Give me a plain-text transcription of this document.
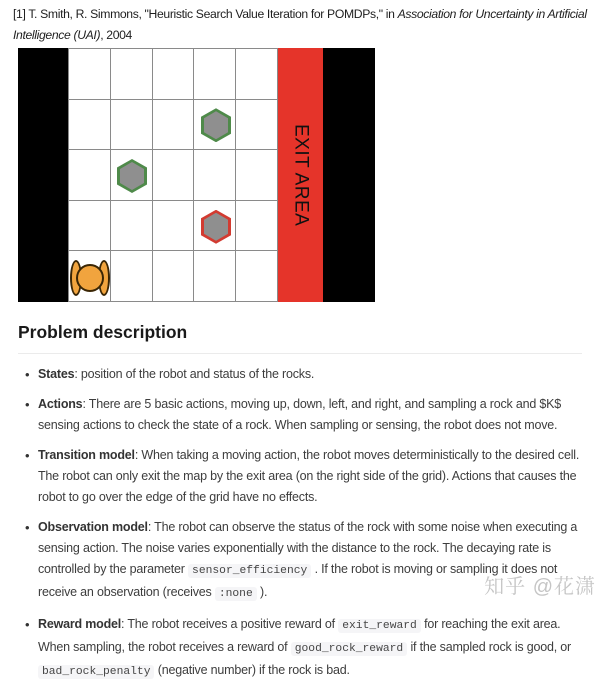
[1] T. Smith, R. Simmons, "Heuristic Search Value Iteration for POMDPs," in Association for Uncertainty in Artificial Intelligence (UAI), 2004

EXIT AREA
Problem description
• States: position of the robot and status of the rocks.
• Actions: There are 5 basic actions, moving up, down, left, and right, and sampling a rock and $K$ sensing actions to check the state of a rock. When sampling or sensing, the robot does not move.
• Transition model: When taking a moving action, the robot moves deterministically to the desired cell. The robot can only exit the map by the exit area (on the right side of the grid). Actions that causes the robot to go over the edge of the grid have no effects.
• Observation model: The robot can observe the status of the rock with some noise when executing a sensing action. The noise varies exponentially with the distance to the rock. The decaying rate is controlled by the parameter sensor_efficiency . If the robot is moving or sampling it does not receive an observation (receives :none ).
• Reward model: The robot receives a positive reward of exit_reward for reaching the exit area. When sampling, the robot receives a reward of good_rock_reward if the sampled rock is good, or bad_rock_penalty (negative number) if the rock is bad.
知乎 @花潇
